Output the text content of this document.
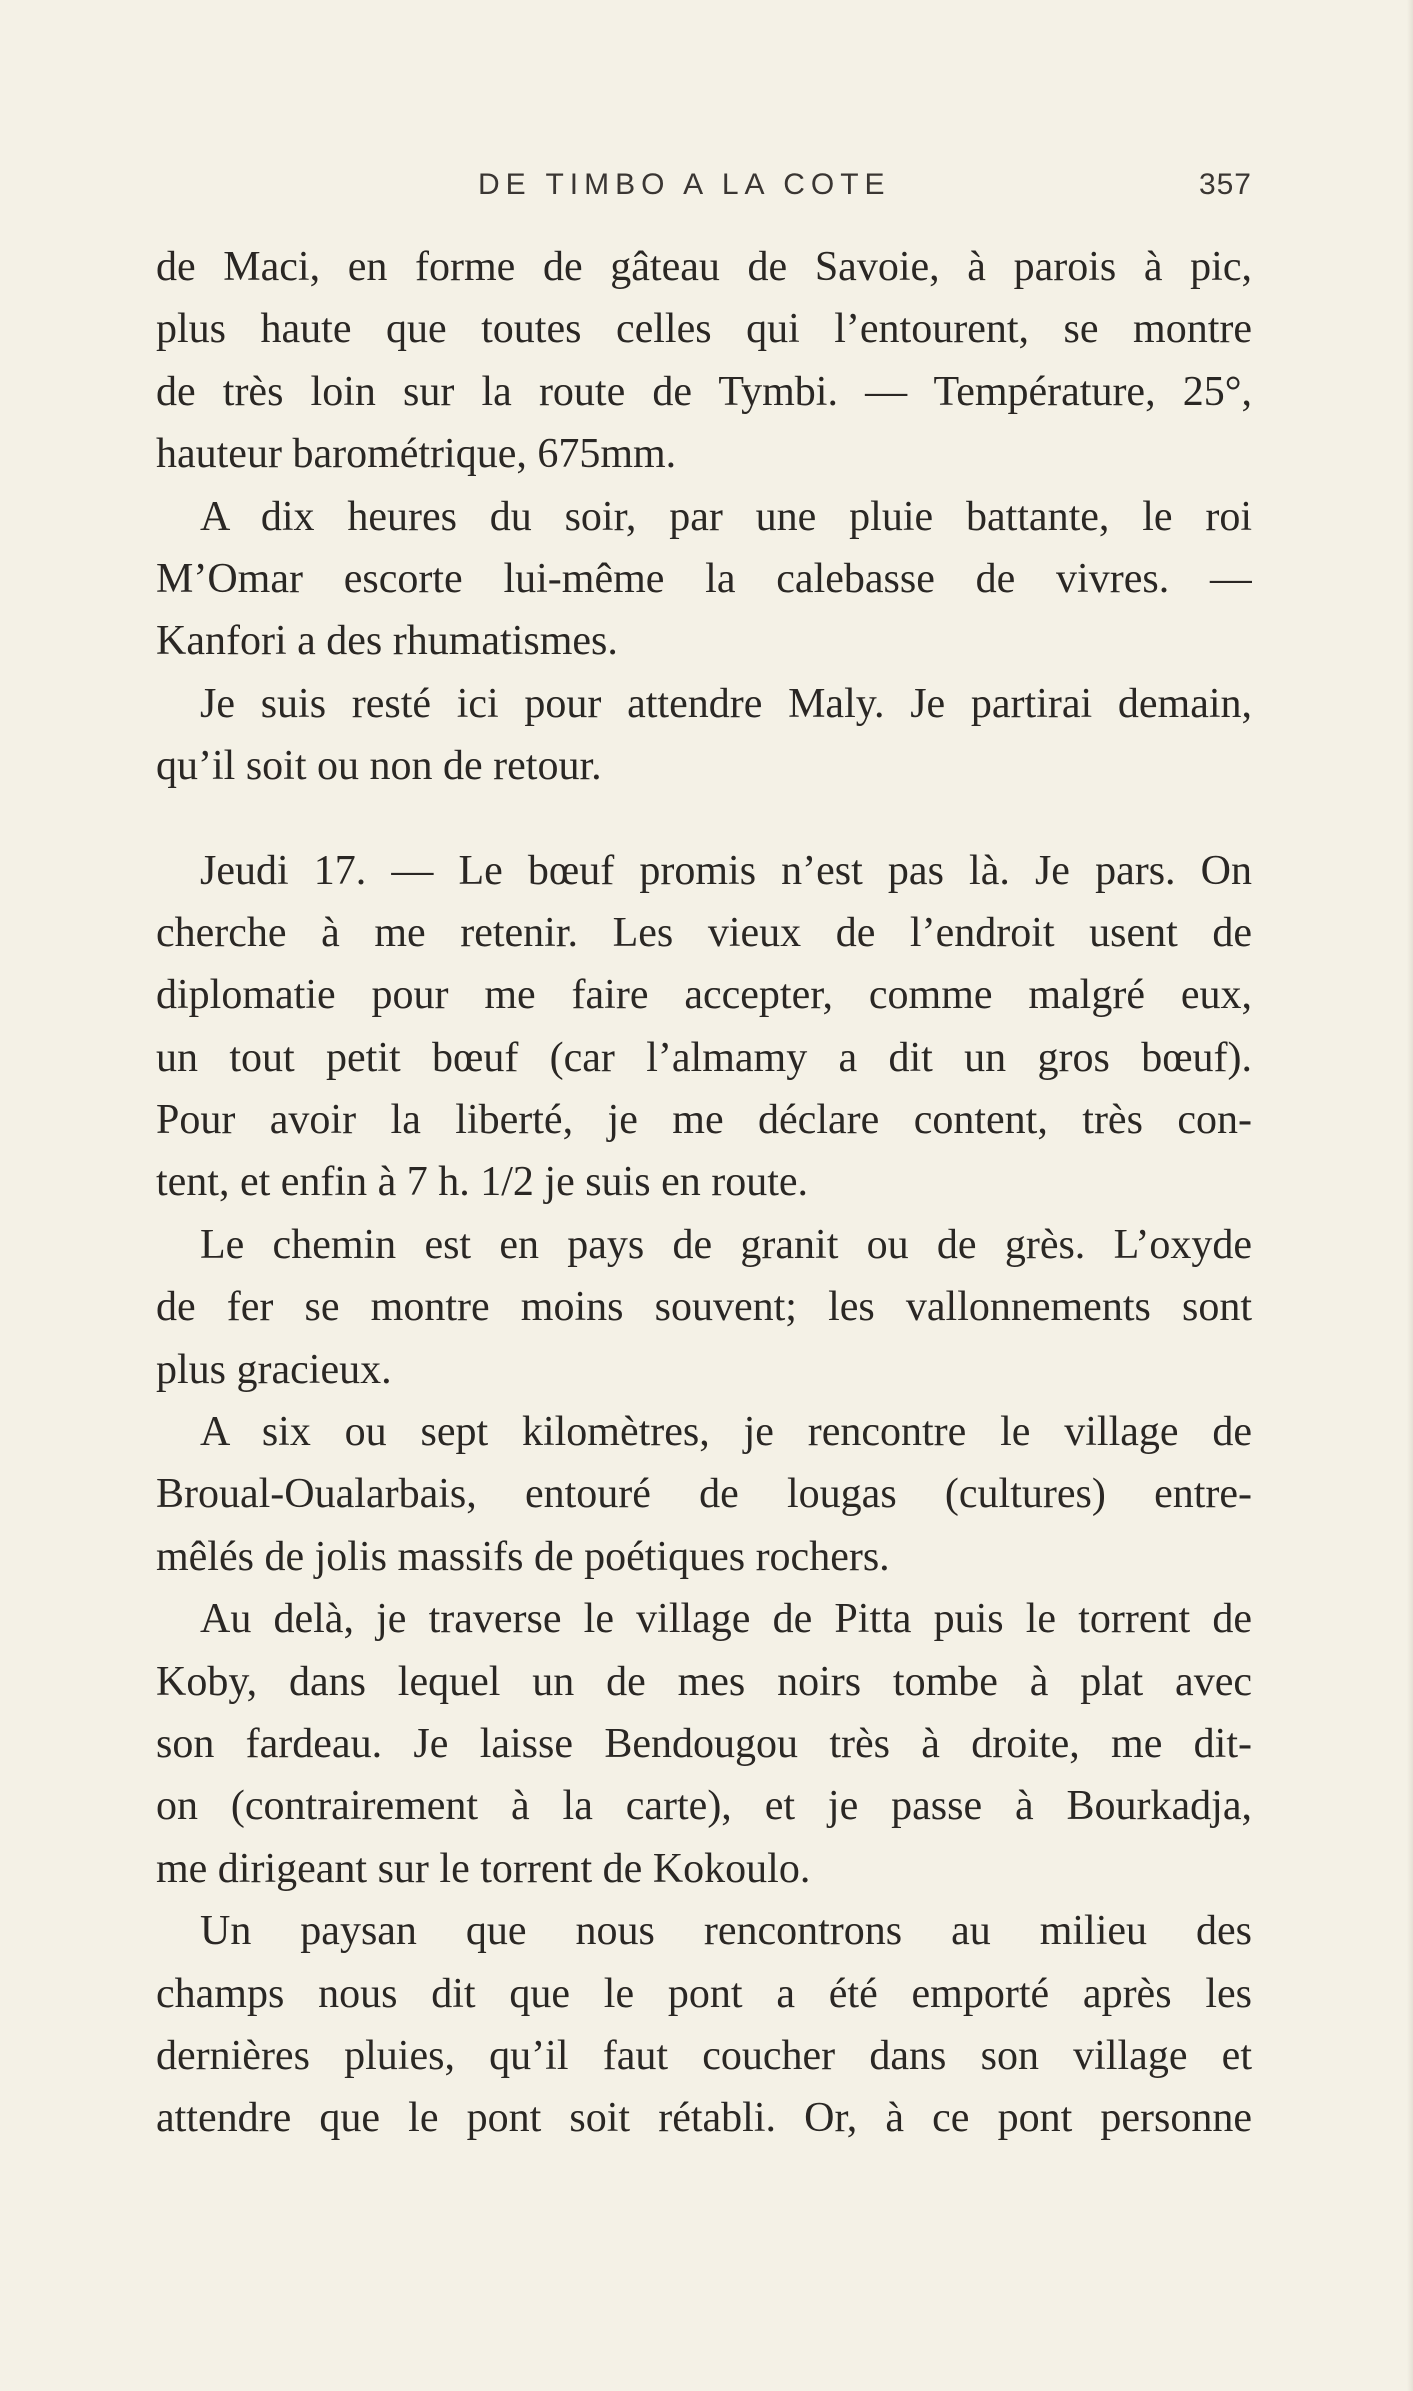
DE TIMBO A LA COTE	357
de Maci, en forme de gâteau de Savoie, à parois à pic,
plus haute que toutes celles qui l’entourent, se montre
de très loin sur la route de Tymbi. — Température, 25°,
hauteur barométrique, 675mm.
A dix heures du soir, par une pluie battante, le roi
M’Omar escorte lui-même la calebasse de vivres. —
Kanfori a des rhumatismes.
Je suis resté ici pour attendre Maly. Je partirai demain,
qu’il soit ou non de retour.
Jeudi 17. — Le bœuf promis n’est pas là. Je pars. On
cherche à me retenir. Les vieux de l’endroit usent de
diplomatie pour me faire accepter, comme malgré eux,
un tout petit bœuf (car l’almamy a dit un gros bœuf).
Pour avoir la liberté, je me déclare content, très con-
tent, et enfin à 7 h. 1/2 je suis en route.
Le chemin est en pays de granit ou de grès. L’oxyde
de fer se montre moins souvent; les vallonnements sont
plus gracieux.
A six ou sept kilomètres, je rencontre le village de
Broual-Oualarbais, entouré de lougas (cultures) entre-
mêlés de jolis massifs de poétiques rochers.
Au delà, je traverse le village de Pitta puis le torrent de
Koby, dans lequel un de mes noirs tombe à plat avec
son fardeau. Je laisse Bendougou très à droite, me dit-
on (contrairement à la carte), et je passe à Bourkadja,
me dirigeant sur le torrent de Kokoulo.
Un paysan que nous rencontrons au milieu des
champs nous dit que le pont a été emporté après les
dernières pluies, qu’il faut coucher dans son village et
attendre que le pont soit rétabli. Or, à ce pont personne
